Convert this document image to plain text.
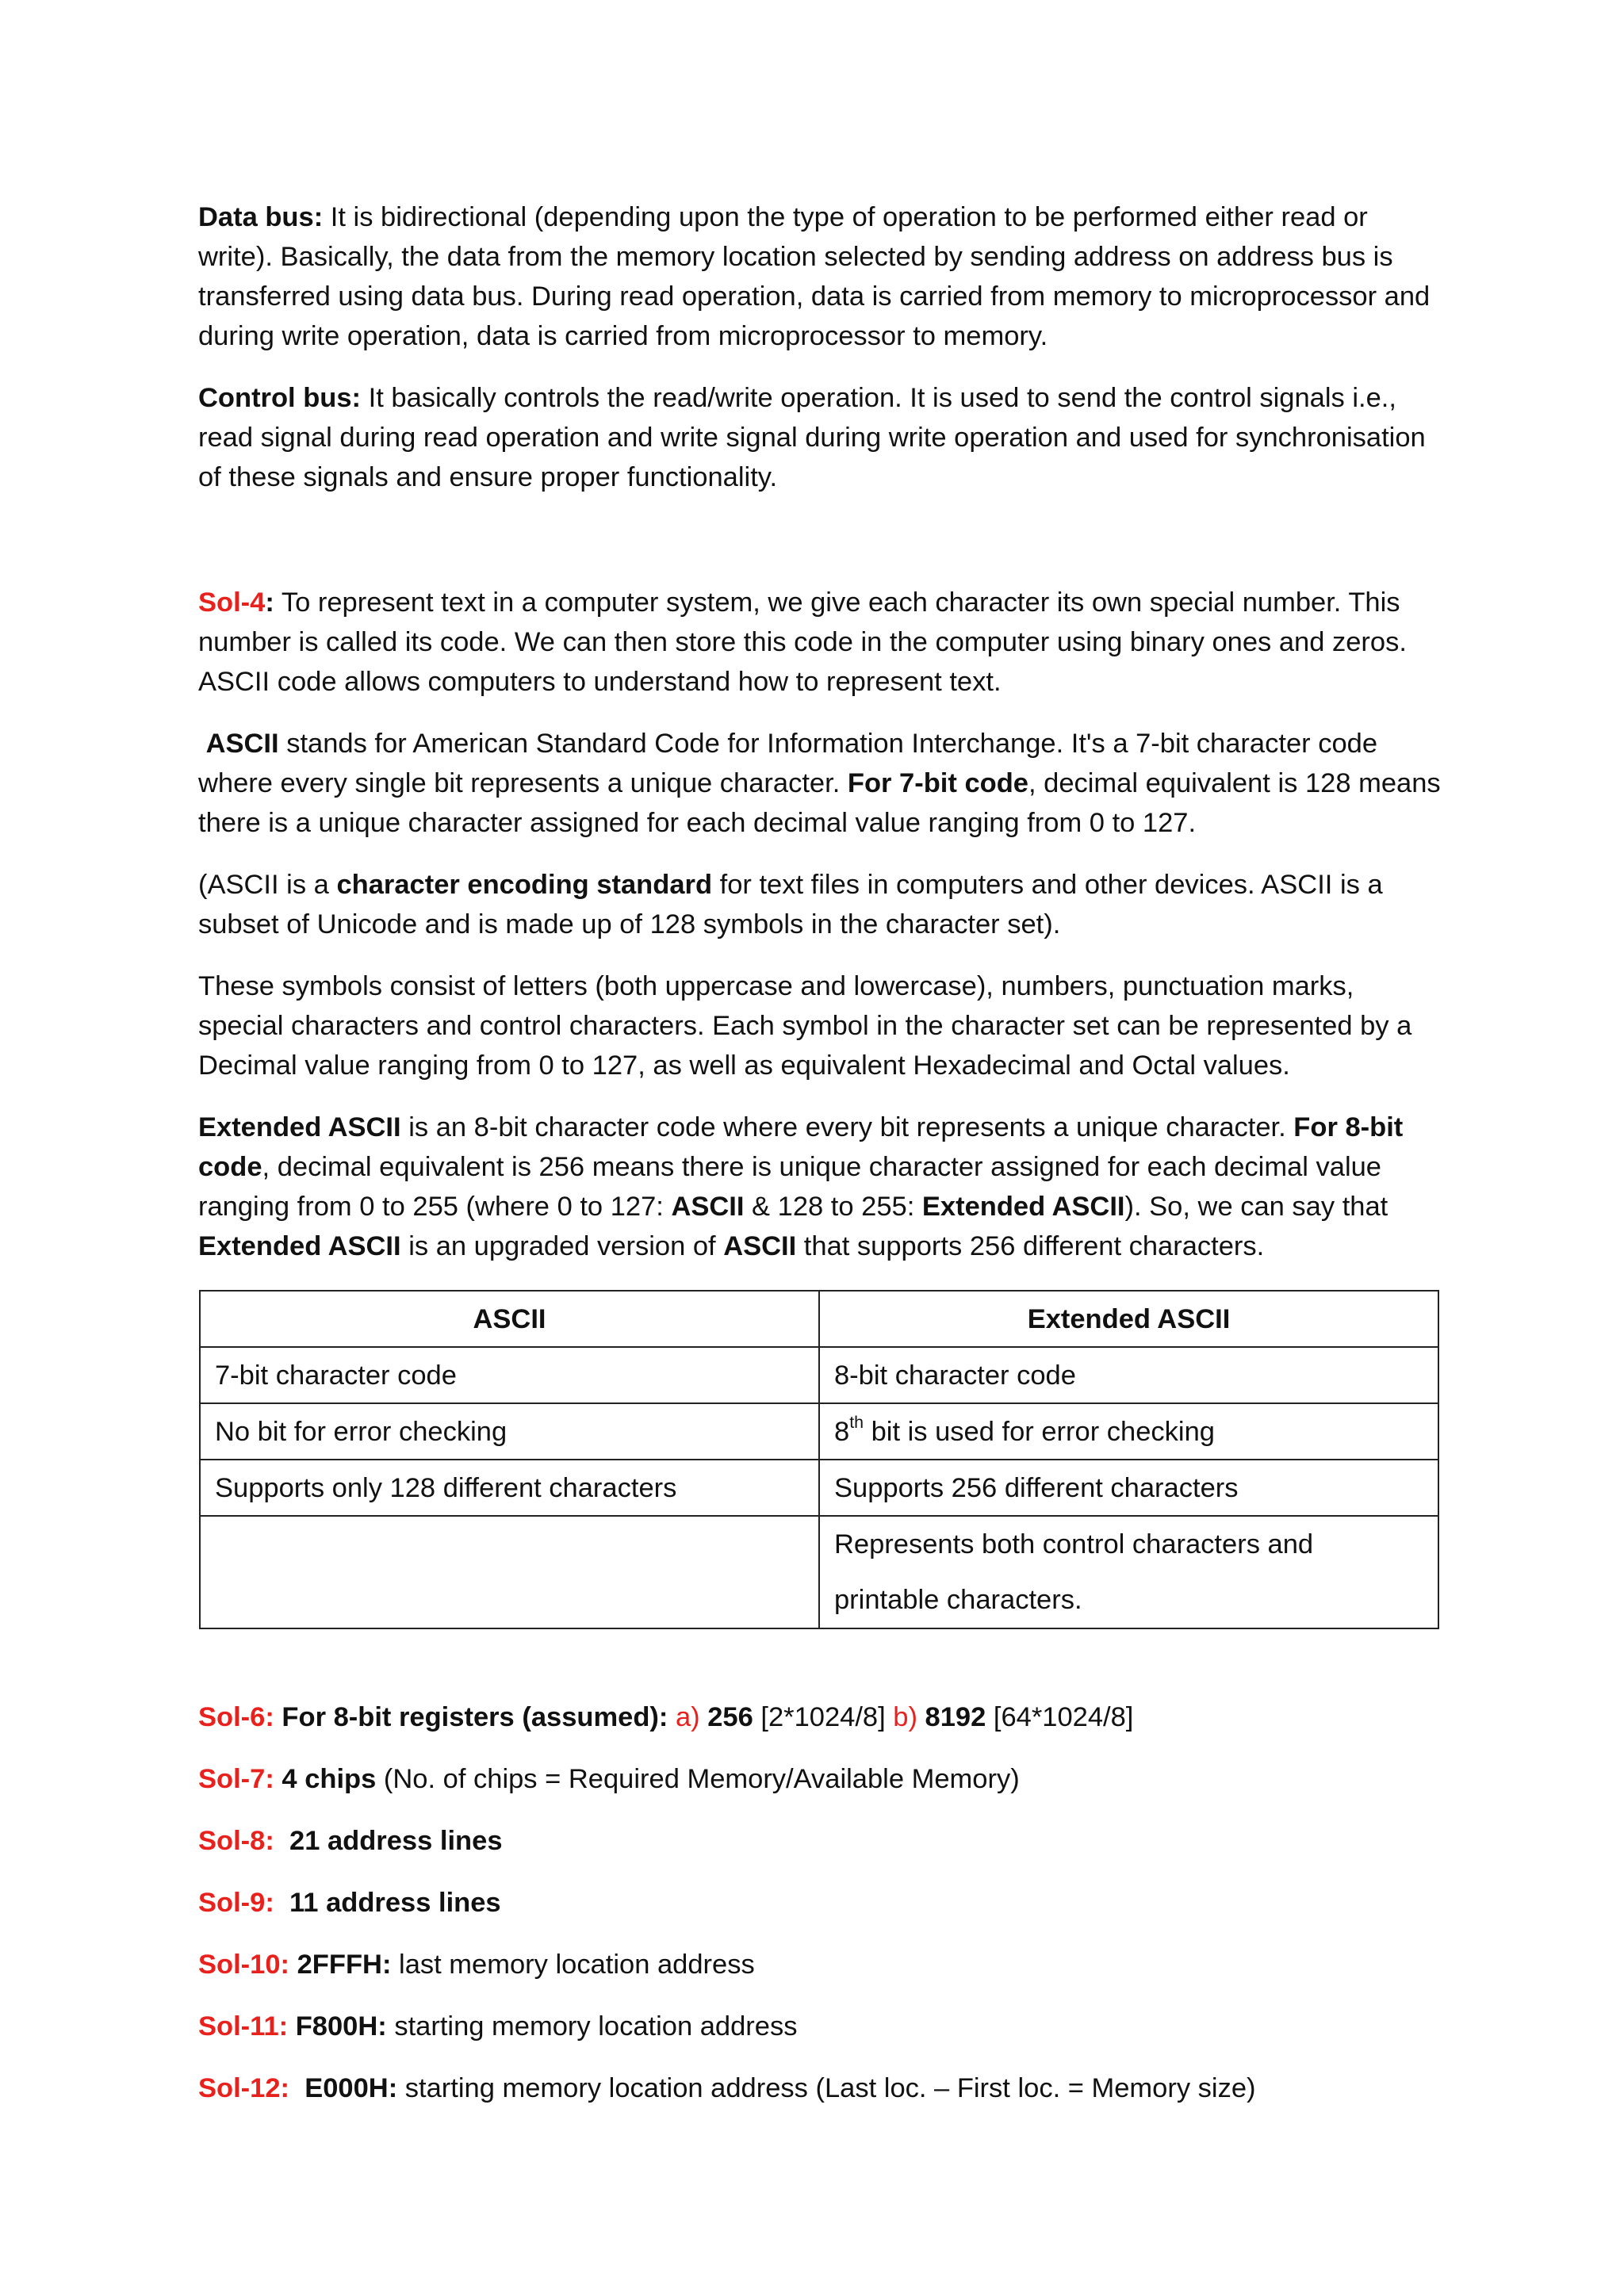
Data bus: It is bidirectional (depending upon the type of operation to be performed either read or write). Basically, the data from the memory location selected by sending address on address bus is transferred using data bus. During read operation, data is carried from memory to microprocessor and during write operation, data is carried from microprocessor to memory.

Control bus: It basically controls the read/write operation. It is used to send the control signals i.e., read signal during read operation and write signal during write operation and used for synchronisation of these signals and ensure proper functionality.

Sol-4: To represent text in a computer system, we give each character its own special number. This number is called its code. We can then store this code in the computer using binary ones and zeros. ASCII code allows computers to understand how to represent text.

ASCII stands for American Standard Code for Information Interchange. It's a 7-bit character code where every single bit represents a unique character. For 7-bit code, decimal equivalent is 128 means there is a unique character assigned for each decimal value ranging from 0 to 127.

(ASCII is a character encoding standard for text files in computers and other devices. ASCII is a subset of Unicode and is made up of 128 symbols in the character set).

These symbols consist of letters (both uppercase and lowercase), numbers, punctuation marks, special characters and control characters. Each symbol in the character set can be represented by a Decimal value ranging from 0 to 127, as well as equivalent Hexadecimal and Octal values.

Extended ASCII is an 8-bit character code where every bit represents a unique character. For 8-bit code, decimal equivalent is 256 means there is unique character assigned for each decimal value ranging from 0 to 255 (where 0 to 127: ASCII & 128 to 255: Extended ASCII). So, we can say that Extended ASCII is an upgraded version of ASCII that supports 256 different characters.

ASCII	Extended ASCII
7-bit character code	8-bit character code
No bit for error checking	8th bit is used for error checking
Supports only 128 different characters	Supports 256 different characters
	Represents both control characters and printable characters.

Sol-6: For 8-bit registers (assumed): a) 256 [2*1024/8] b) 8192 [64*1024/8]

Sol-7: 4 chips (No. of chips = Required Memory/Available Memory)

Sol-8:  21 address lines

Sol-9:  11 address lines

Sol-10: 2FFFH: last memory location address

Sol-11: F800H: starting memory location address

Sol-12:  E000H: starting memory location address (Last loc. – First loc. = Memory size)
